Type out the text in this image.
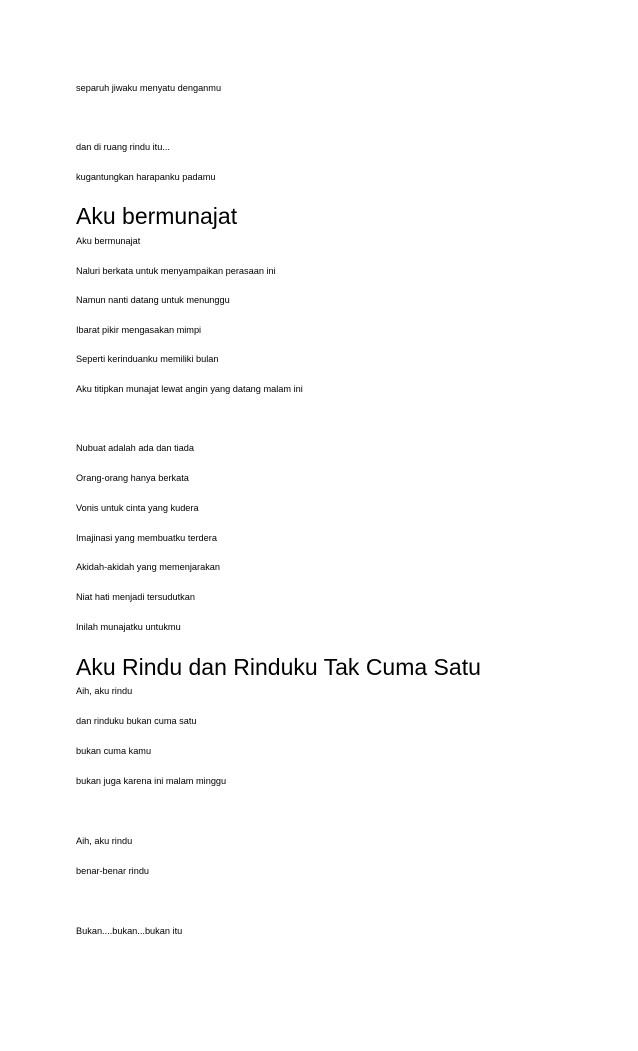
separuh jiwaku menyatu denganmu

dan di ruang rindu itu...

kugantungkan harapanku padamu

Aku bermunajat

Aku bermunajat

Naluri berkata untuk menyampaikan perasaan ini

Namun nanti datang untuk menunggu

Ibarat pikir mengasakan mimpi

Seperti kerinduanku memiliki bulan

Aku titipkan munajat lewat angin yang datang malam ini

Nubuat adalah ada dan tiada

Orang-orang hanya berkata

Vonis untuk cinta yang kudera

Imajinasi yang membuatku terdera

Akidah-akidah yang memenjarakan

Niat hati menjadi tersudutkan

Inilah munajatku untukmu

Aku Rindu dan Rinduku Tak Cuma Satu

Aih, aku rindu

dan rinduku bukan cuma satu

bukan cuma kamu

bukan juga karena ini malam minggu

Aih, aku rindu

benar-benar rindu

Bukan....bukan...bukan itu
